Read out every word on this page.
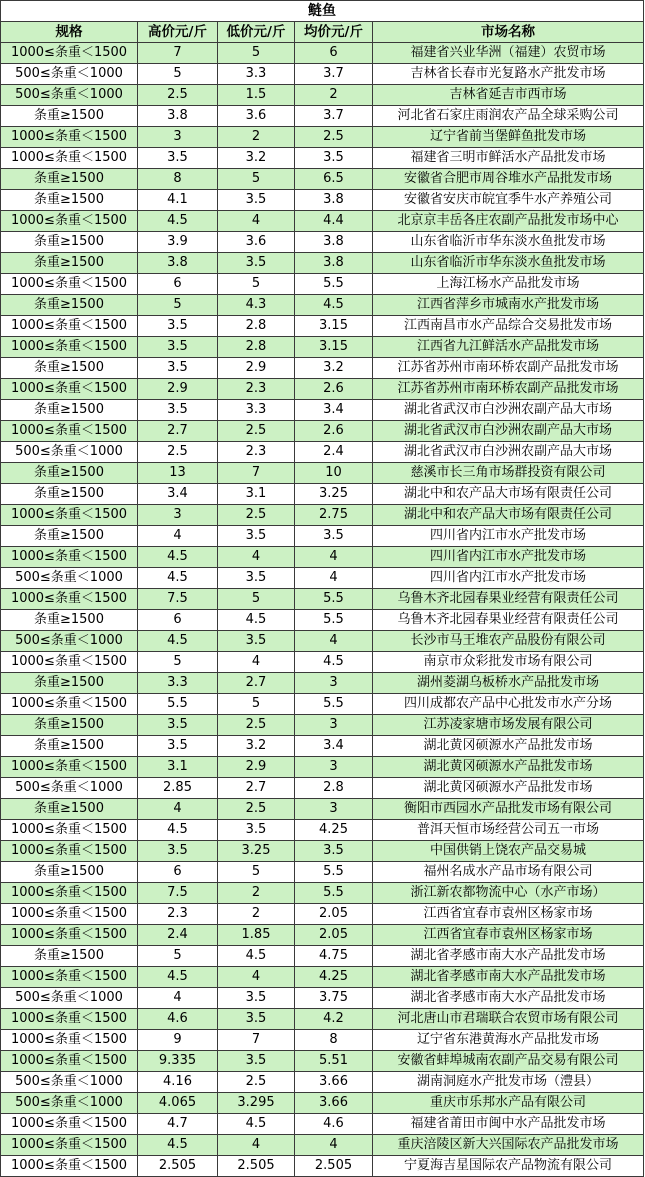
鲢鱼				
规格	高价元/斤	低价元/斤	均价元/斤	市场名称
1000≤条重＜1500	7	5	6	福建省兴业华洲（福建）农贸市场
500≤条重＜1000	5	3.3	3.7	吉林省长春市光复路水产批发市场
500≤条重＜1000	2.5	1.5	2	吉林省延吉市西市场
条重≥1500	3.8	3.6	3.7	河北省石家庄雨润农产品全球采购公司
1000≤条重＜1500	3	2	2.5	辽宁省前当堡鲜鱼批发市场
1000≤条重＜1500	3.5	3.2	3.5	福建省三明市鲜活水产品批发市场
条重≥1500	8	5	6.5	安徽省合肥市周谷堆水产品批发市场
条重≥1500	4.1	3.5	3.8	安徽省安庆市皖宜季牛水产养殖公司
1000≤条重＜1500	4.5	4	4.4	北京京丰岳各庄农副产品批发市场中心
条重≥1500	3.9	3.6	3.8	山东省临沂市华东淡水鱼批发市场
条重≥1500	3.8	3.5	3.8	山东省临沂市华东淡水鱼批发市场
1000≤条重＜1500	6	5	5.5	上海江杨水产品批发市场
条重≥1500	5	4.3	4.5	江西省萍乡市城南水产批发市场
1000≤条重＜1500	3.5	2.8	3.15	江西南昌市水产品综合交易批发市场
1000≤条重＜1500	3.5	2.8	3.15	江西省九江鲜活水产品批发市场
条重≥1500	3.5	2.9	3.2	江苏省苏州市南环桥农副产品批发市场
1000≤条重＜1500	2.9	2.3	2.6	江苏省苏州市南环桥农副产品批发市场
条重≥1500	3.5	3.3	3.4	湖北省武汉市白沙洲农副产品大市场
1000≤条重＜1500	2.7	2.5	2.6	湖北省武汉市白沙洲农副产品大市场
500≤条重＜1000	2.5	2.3	2.4	湖北省武汉市白沙洲农副产品大市场
条重≥1500	13	7	10	慈溪市长三角市场群投资有限公司
条重≥1500	3.4	3.1	3.25	湖北中和农产品大市场有限责任公司
1000≤条重＜1500	3	2.5	2.75	湖北中和农产品大市场有限责任公司
条重≥1500	4	3.5	3.5	四川省内江市水产批发市场
1000≤条重＜1500	4.5	4	4	四川省内江市水产批发市场
500≤条重＜1000	4.5	3.5	4	四川省内江市水产批发市场
1000≤条重＜1500	7.5	5	5.5	乌鲁木齐北园春果业经营有限责任公司
条重≥1500	6	4.5	5.5	乌鲁木齐北园春果业经营有限责任公司
500≤条重＜1000	4.5	3.5	4	长沙市马王堆农产品股份有限公司
1000≤条重＜1500	5	4	4.5	南京市众彩批发市场有限公司
条重≥1500	3.3	2.7	3	湖州菱湖乌板桥水产品批发市场
1000≤条重＜1500	5.5	5	5.5	四川成都农产品中心批发市水产分场
条重≥1500	3.5	2.5	3	江苏凌家塘市场发展有限公司
条重≥1500	3.5	3.2	3.4	湖北黄冈硕源水产品批发市场
1000≤条重＜1500	3.1	2.9	3	湖北黄冈硕源水产品批发市场
500≤条重＜1000	2.85	2.7	2.8	湖北黄冈硕源水产品批发市场
条重≥1500	4	2.5	3	衡阳市西园水产品批发市场有限公司
1000≤条重＜1500	4.5	3.5	4.25	普洱天恒市场经营公司五一市场
1000≤条重＜1500	3.5	3.25	3.5	中国供销上饶农产品交易城
条重≥1500	6	5	5.5	福州名成水产品市场有限公司
1000≤条重＜1500	7.5	2	5.5	浙江新农都物流中心（水产市场）
1000≤条重＜1500	2.3	2	2.05	江西省宜春市袁州区杨家市场
1000≤条重＜1500	2.4	1.85	2.05	江西省宜春市袁州区杨家市场
条重≥1500	5	4.5	4.75	湖北省孝感市南大水产品批发市场
1000≤条重＜1500	4.5	4	4.25	湖北省孝感市南大水产品批发市场
500≤条重＜1000	4	3.5	3.75	湖北省孝感市南大水产品批发市场
1000≤条重＜1500	4.6	3.5	4.2	河北唐山市君瑞联合农贸市场有限公司
1000≤条重＜1500	9	7	8	辽宁省东港黄海水产品批发市场
1000≤条重＜1500	9.335	3.5	5.51	安徽省蚌埠城南农副产品交易有限公司
500≤条重＜1000	4.16	2.5	3.66	湖南洞庭水产批发市场（澧县）
500≤条重＜1000	4.065	3.295	3.66	重庆市乐邦水产品有限公司
1000≤条重＜1500	4.7	4.5	4.6	福建省莆田市闽中水产品批发市场
1000≤条重＜1500	4.5	4	4	重庆涪陵区新大兴国际农产品批发市场
1000≤条重＜1500	2.505	2.505	2.505	宁夏海吉星国际农产品物流有限公司
